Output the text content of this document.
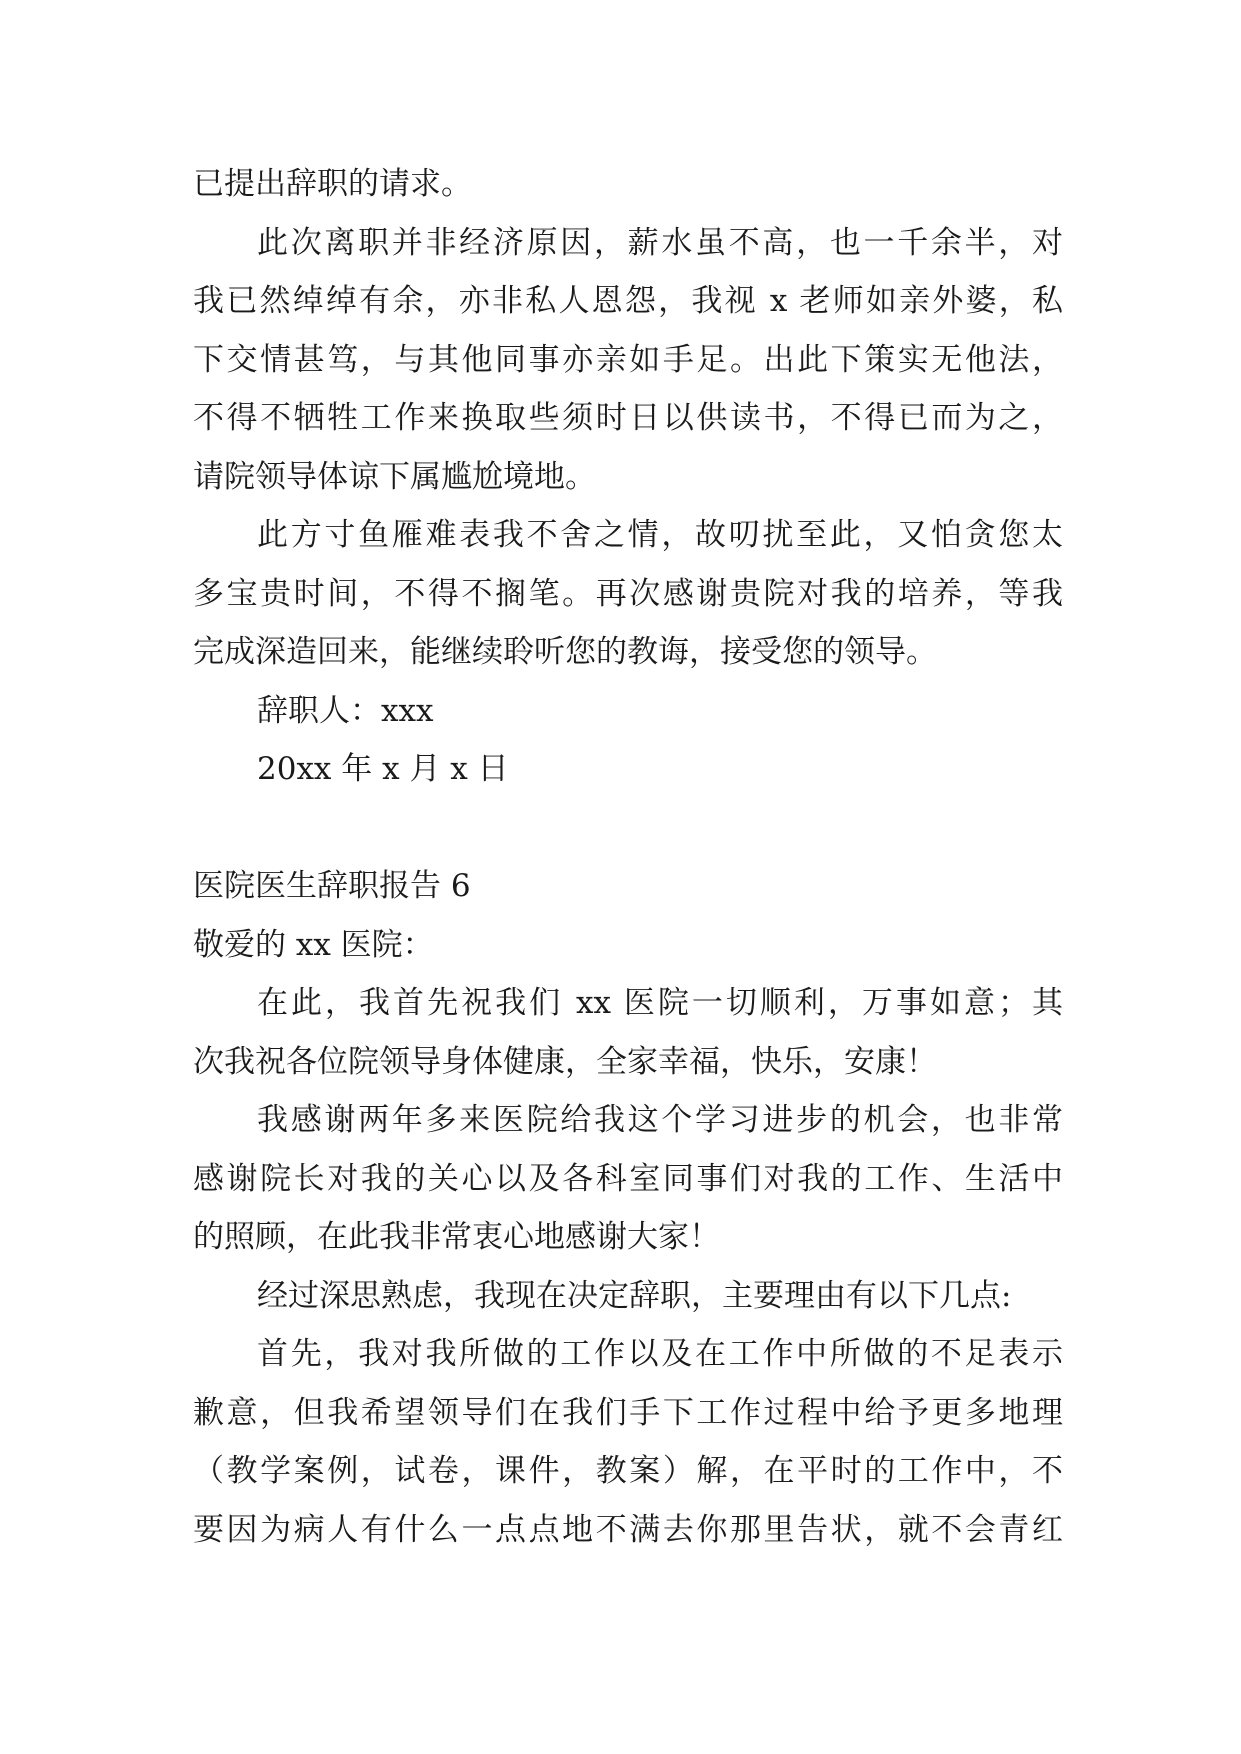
已提出辞职的请求。
此次离职并非经济原因，薪水虽不高，也一千余半，对
我已然绰绰有余，亦非私人恩怨，我视 x 老师如亲外婆，私
下交情甚笃，与其他同事亦亲如手足。出此下策实无他法，
不得不牺牲工作来换取些须时日以供读书，不得已而为之，
请院领导体谅下属尴尬境地。
此方寸鱼雁难表我不舍之情，故叨扰至此，又怕贪您太
多宝贵时间，不得不搁笔。再次感谢贵院对我的培养，等我
完成深造回来，能继续聆听您的教诲，接受您的领导。
辞职人：xxx
20xx 年 x 月 x 日
医院医生辞职报告 6
敬爱的 xx 医院：
在此，我首先祝我们 xx 医院一切顺利，万事如意；其
次我祝各位院领导身体健康，全家幸福，快乐，安康！
我感谢两年多来医院给我这个学习进步的机会，也非常
感谢院长对我的关心以及各科室同事们对我的工作、生活中
的照顾，在此我非常衷心地感谢大家！
经过深思熟虑，我现在决定辞职，主要理由有以下几点:
首先，我对我所做的工作以及在工作中所做的不足表示
歉意，但我希望领导们在我们手下工作过程中给予更多地理
（教学案例，试卷，课件，教案）解，在平时的工作中，不
要因为病人有什么一点点地不满去你那里告状，就不会青红
